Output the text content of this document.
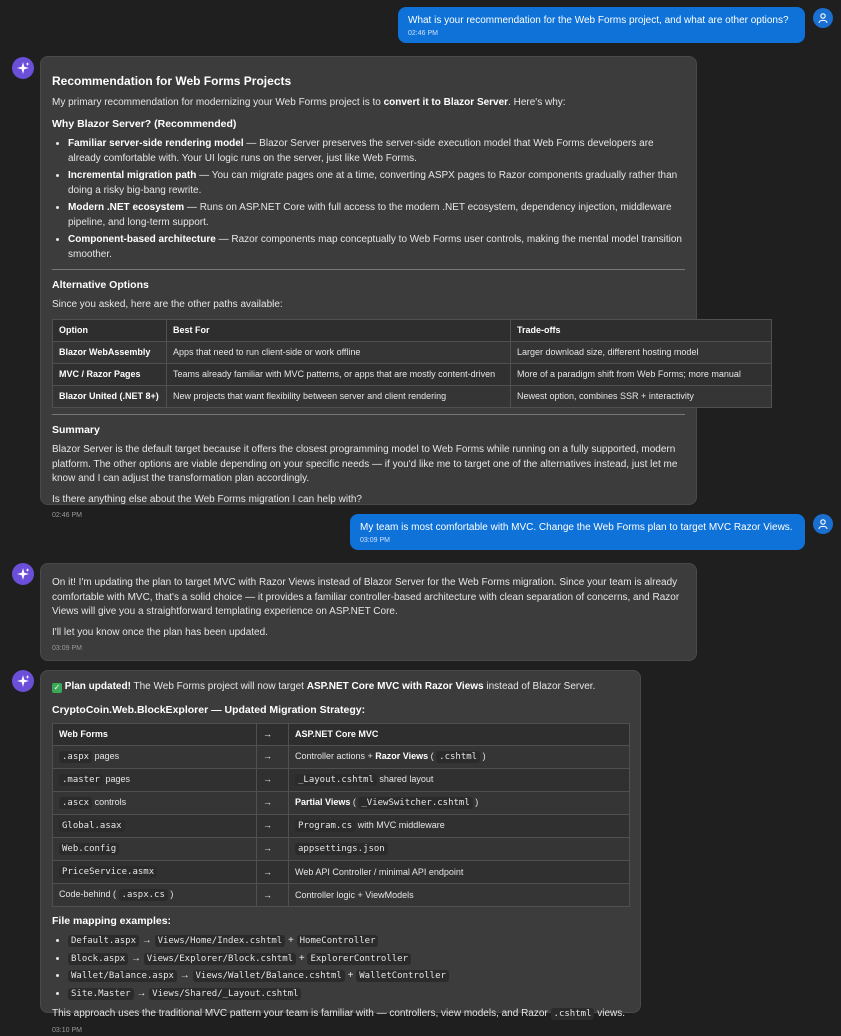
What is your recommendation for the Web Forms project, and what are other options?
02:46 PM
Recommendation for Web Forms Projects

My primary recommendation for modernizing your Web Forms project is to convert it to Blazor Server. Here's why:

Why Blazor Server? (Recommended)
• Familiar server-side rendering model — Blazor Server preserves the server-side execution model that Web Forms developers are already comfortable with. Your UI logic runs on the server, just like Web Forms.
• Incremental migration path — You can migrate pages one at a time, converting ASPX pages to Razor components gradually rather than doing a risky big-bang rewrite.
• Modern .NET ecosystem — Runs on ASP.NET Core with full access to the modern .NET ecosystem, dependency injection, middleware pipeline, and long-term support.
• Component-based architecture — Razor components map conceptually to Web Forms user controls, making the mental model transition smoother.
Alternative Options

Since you asked, here are the other paths available:

Option	Best For	Trade-offs
Blazor WebAssembly	Apps that need to run client-side or work offline	Larger download size, different hosting model
MVC / Razor Pages	Teams already familiar with MVC patterns, or apps that are mostly content-driven	More of a paradigm shift from Web Forms; more manual
Blazor United (.NET 8+)	New projects that want flexibility between server and client rendering	Newest option, combines SSR + interactivity
Summary

Blazor Server is the default target because it offers the closest programming model to Web Forms while running on a fully supported, modern platform. The other options are viable depending on your specific needs — if you'd like me to target one of the alternatives instead, just let me know and I can adjust the transformation plan accordingly.

Is there anything else about the Web Forms migration I can help with?

02:46 PM
My team is most comfortable with MVC. Change the Web Forms plan to target MVC Razor Views.
03:09 PM

On it! I'm updating the plan to target MVC with Razor Views instead of Blazor Server for the Web Forms migration. Since your team is already comfortable with MVC, that's a solid choice — it provides a familiar controller-based architecture with clean separation of concerns, and Razor Views will give you a straightforward templating experience on ASP.NET Core.

I'll let you know once the plan has been updated.

03:09 PM

✓ Plan updated! The Web Forms project will now target ASP.NET Core MVC with Razor Views instead of Blazor Server.

CryptoCoin.Web.BlockExplorer — Updated Migration Strategy:
Web Forms	→	ASP.NET Core MVC
.aspx pages	→	Controller actions + Razor Views ( .cshtml )
.master pages	→	_Layout.cshtml shared layout
.ascx controls	→	Partial Views ( _ViewSwitcher.cshtml )
Global.asax	→	Program.cs with MVC middleware
Web.config	→	appsettings.json
PriceService.asmx	→	Web API Controller / minimal API endpoint
Code-behind ( .aspx.cs )	→	Controller logic + ViewModels
File mapping examples:
• Default.aspx → Views/Home/Index.cshtml + HomeController
• Block.aspx → Views/Explorer/Block.cshtml + ExplorerController
• Wallet/Balance.aspx → Views/Wallet/Balance.cshtml + WalletController
• Site.Master → Views/Shared/_Layout.cshtml

This approach uses the traditional MVC pattern your team is familiar with — controllers, view models, and Razor .cshtml views.

03:10 PM
